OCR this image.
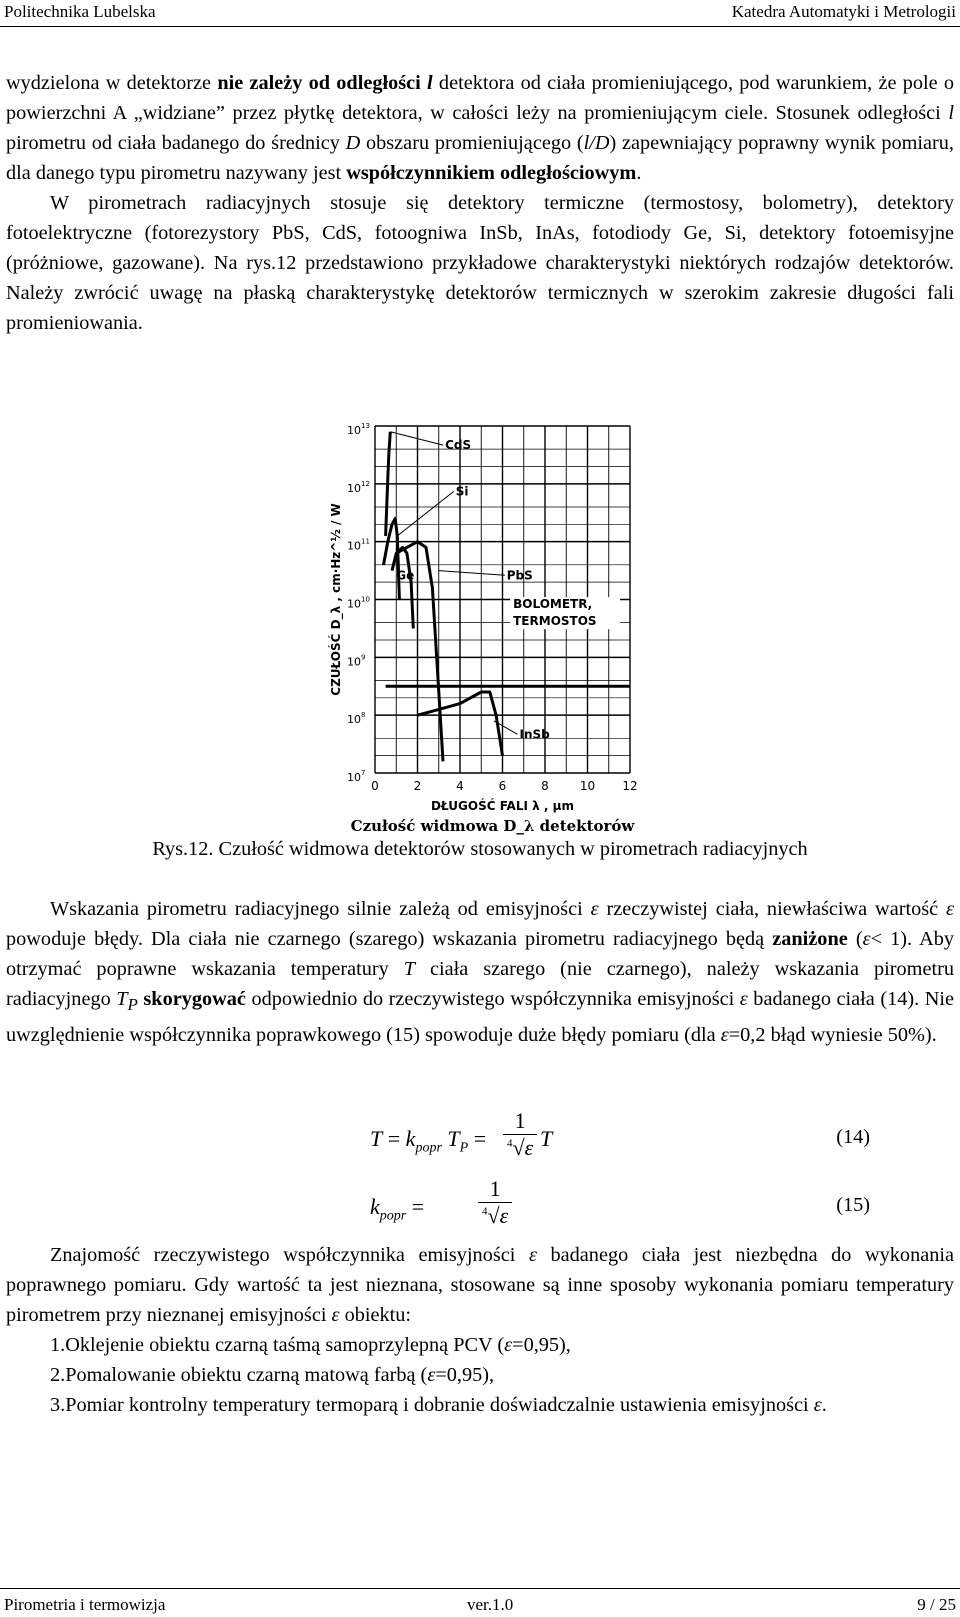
Politechnika Lubelska	Katedra Automatyki i Metrologii

wydzielona w detektorze nie zależy od odległości l detektora od ciała promieniującego, pod warunkiem, że pole o powierzchni A „widziane” przez płytkę detektora, w całości leży na promieniującym ciele. Stosunek odległości l pirometru od ciała badanego do średnicy D obszaru promieniującego (l/D) zapewniający poprawny wynik pomiaru, dla danego typu pirometru nazywany jest współczynnikiem odległościowym.

W pirometrach radiacyjnych stosuje się detektory termiczne (termostosy, bolometry), detektory fotoelektryczne (fotorezystory PbS, CdS, fotoogniwa InSb, InAs, fotodiody Ge, Si, detektory fotoemisyjne (próżniowe, gazowane). Na rys.12 przedstawiono przykładowe charakterystyki niektórych rodzajów detektorów. Należy zwrócić uwagę na płaską charakterystykę detektorów termicznych w szerokim zakresie długości fali promieniowania.

0	2	4	6	8	10 12
10 7
10 8
10 9
10 10
10 11
10 12
10 13
CdS
Si
Ge	PbS
InSb
BOLOMETR,
TERMOSTOS
DŁUGOŚĆ FALI λ , μm
CZUŁOŚĆ D_λ , cm·Hz^½ / W
Czułość widmowa D_λ detektorów
Rys.12. Czułość widmowa detektorów stosowanych w pirometrach radiacyjnych

Wskazania pirometru radiacyjnego silnie zależą od emisyjności ε rzeczywistej ciała, niewłaściwa wartość ε powoduje błędy. Dla ciała nie czarnego (szarego) wskazania pirometru radiacyjnego będą zaniżone (ε< 1). Aby otrzymać poprawne wskazania temperatury T ciała szarego (nie czarnego), należy wskazania pirometru radiacyjnego $T_P$ skorygować odpowiednio do rzeczywistego współczynnika emisyjności ε badanego ciała (14). Nie uwzględnienie współczynnika poprawkowego (15) spowoduje duże błędy pomiaru (dla ε=0,2 błąd wyniesie 50%).

$T = k_{popr}$ $T_P = \frac{1}{^4√\varepsilon}$ T	(14)
$k_{popr} = \frac{1}{^4√\varepsilon}$	(15)

Znajomość rzeczywistego współczynnika emisyjności ε badanego ciała jest niezbędna do wykonania poprawnego pomiaru. Gdy wartość ta jest nieznana, stosowane są inne sposoby wykonania pomiaru temperatury pirometrem przy nieznanej emisyjności ε obiektu:

1.Oklejenie obiektu czarną taśmą samoprzylepną PCV (ε=0,95),

2.Pomalowanie obiektu czarną matową farbą (ε=0,95),

3.Pomiar kontrolny temperatury termoparą i dobranie doświadczalnie ustawienia emisyjności ε.

Pirometria i termowizja	ver.1.0	9 / 25
